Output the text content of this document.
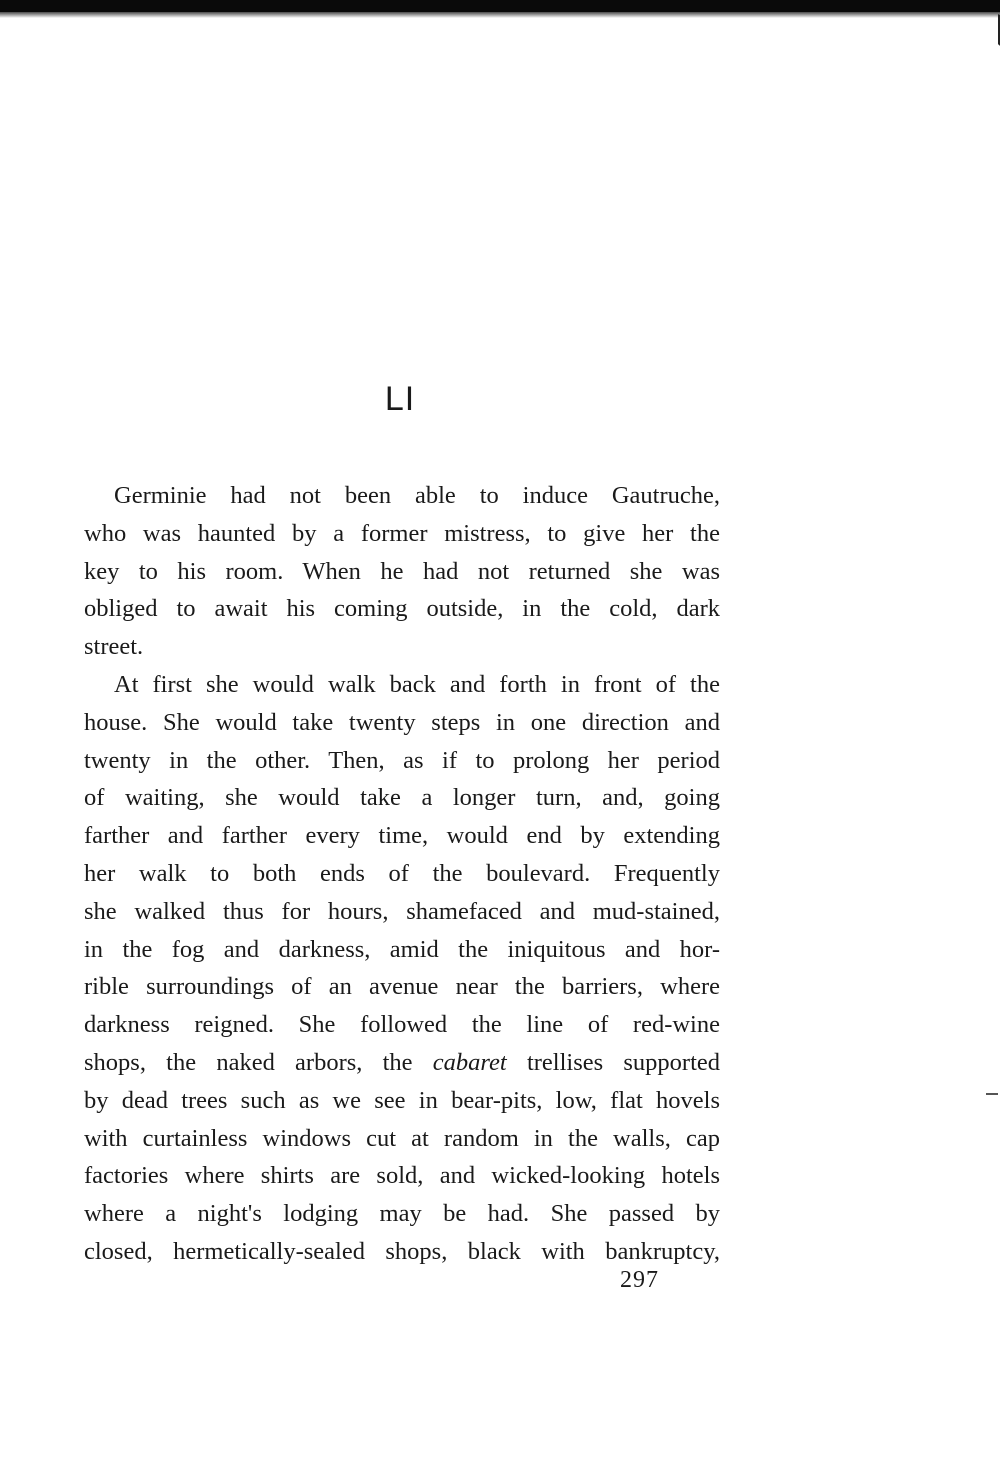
LI
Germinie had not been able to induce Gautruche,
who was haunted by a former mistress, to give her the
key to his room. When he had not returned she was
obliged to await his coming outside, in the cold, dark
street.
At first she would walk back and forth in front of the
house. She would take twenty steps in one direction and
twenty in the other. Then, as if to prolong her period
of waiting, she would take a longer turn, and, going
farther and farther every time, would end by extending
her walk to both ends of the boulevard. Frequently
she walked thus for hours, shamefaced and mud-stained,
in the fog and darkness, amid the iniquitous and hor-
rible surroundings of an avenue near the barriers, where
darkness reigned. She followed the line of red-wine
shops, the naked arbors, the cabaret trellises supported
by dead trees such as we see in bear-pits, low, flat hovels
with curtainless windows cut at random in the walls, cap
factories where shirts are sold, and wicked-looking hotels
where a night's lodging may be had. She passed by
closed, hermetically-sealed shops, black with bankruptcy,
297
